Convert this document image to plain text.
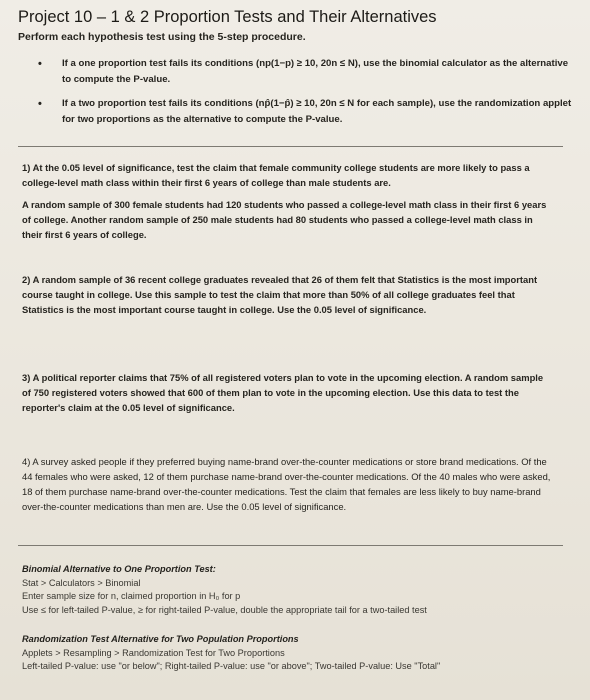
Project 10 – 1 & 2 Proportion Tests and Their Alternatives
Perform each hypothesis test using the 5-step procedure.
• If a one proportion test fails its conditions (np(1−p) ≥ 10, 20n ≤ N), use the binomial calculator as the alternative to compute the P-value.
• If a two proportion test fails its conditions (np̂(1−p̂) ≥ 10, 20n ≤ N for each sample), use the randomization applet for two proportions as the alternative to compute the P-value.

1) At the 0.05 level of significance, test the claim that female community college students are more likely to pass a college-level math class within their first 6 years of college than male students are.

A random sample of 300 female students had 120 students who passed a college-level math class in their first 6 years of college. Another random sample of 250 male students had 80 students who passed a college-level math class in their first 6 years of college.

2) A random sample of 36 recent college graduates revealed that 26 of them felt that Statistics is the most important course taught in college. Use this sample to test the claim that more than 50% of all college graduates feel that Statistics is the most important course taught in college. Use the 0.05 level of significance.
3) A political reporter claims that 75% of all registered voters plan to vote in the upcoming election. A random sample of 750 registered voters showed that 600 of them plan to vote in the upcoming election. Use this data to test the reporter's claim at the 0.05 level of significance.
4) A survey asked people if they preferred buying name-brand over-the-counter medications or store brand medications. Of the 44 females who were asked, 12 of them purchase name-brand over-the-counter medications. Of the 40 males who were asked, 18 of them purchase name-brand over-the-counter medications. Test the claim that females are less likely to buy name-brand over-the-counter medications than men are. Use the 0.05 level of significance.

Binomial Alternative to One Proportion Test:

Stat > Calculators > Binomial

Enter sample size for n, claimed proportion in H₀ for p

Use ≤ for left-tailed P-value, ≥ for right-tailed P-value, double the appropriate tail for a two-tailed test

Randomization Test Alternative for Two Population Proportions

Applets > Resampling > Randomization Test for Two Proportions

Left-tailed P-value: use "or below"; Right-tailed P-value: use "or above"; Two-tailed P-value: Use "Total"
